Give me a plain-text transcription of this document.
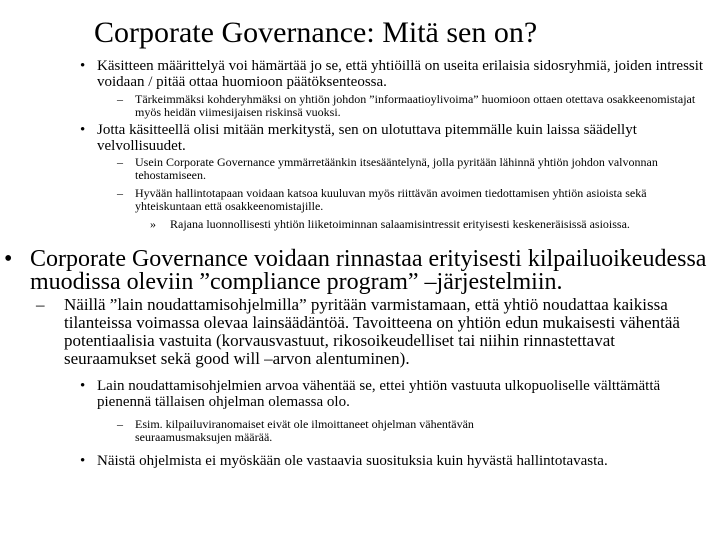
Corporate Governance: Mitä sen on?
• Käsitteen määrittelyä voi hämärtää jo se, että yhtiöillä on useita erilaisia sidosryhmiä, joiden intressit voidaan / pitää ottaa huomioon päätöksenteossa.
– Tärkeimmäksi kohderyhmäksi on yhtiön johdon ”informaatioylivoima” huomioon ottaen otettava osakkeenomistajat myös heidän viimesijaisen riskinsä vuoksi.
• Jotta käsitteellä olisi mitään merkitystä, sen on ulotuttava pitemmälle kuin laissa säädellyt velvollisuudet.
– Usein Corporate Governance ymmärretäänkin itsesääntelynä, jolla pyritään lähinnä yhtiön johdon valvonnan tehostamiseen.
– Hyvään hallintotapaan voidaan katsoa kuuluvan myös riittävän avoimen tiedottamisen yhtiön asioista sekä yhteiskuntaan että osakkeenomistajille.
» Rajana luonnollisesti yhtiön liiketoiminnan salaamisintressit erityisesti keskeneräisissä asioissa.
• Corporate Governance voidaan rinnastaa erityisesti kilpailuoikeudessa muodissa oleviin ”compliance program” –järjestelmiin.
– Näillä ”lain noudattamisohjelmilla” pyritään varmistamaan, että yhtiö noudattaa kaikissa tilanteissa voimassa olevaa lainsäädäntöä. Tavoitteena on yhtiön edun mukaisesti vähentää potentiaalisia vastuita (korvausvastuut, rikosoikeudelliset tai niihin rinnastettavat seuraamukset sekä good will –arvon alentuminen).
• Lain noudattamisohjelmien arvoa vähentää se, ettei yhtiön vastuuta ulkopuoliselle välttämättä pienennä tällaisen ohjelman olemassa olo.
– Esim. kilpailuviranomaiset eivät ole ilmoittaneet ohjelman vähentävän seuraamusmaksujen määrää.
• Näistä ohjelmista ei myöskään ole vastaavia suosituksia kuin hyvästä hallintotavasta.
